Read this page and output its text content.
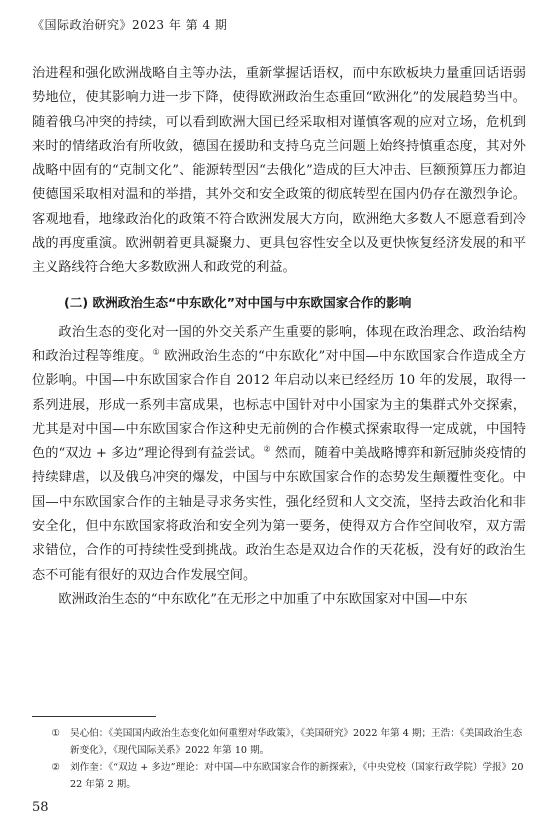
《国际政治研究》2023 年 第 4 期

治进程和强化欧洲战略自主等办法，重新掌握话语权，而中东欧板块力量重回话语弱势地位，使其影响力进一步下降，使得欧洲政治生态重回“欧洲化”的发展趋势当中。随着俄乌冲突的持续，可以看到欧洲大国已经采取相对谨慎客观的应对立场，危机到来时的情绪政治有所收敛，德国在援助和支持乌克兰问题上始终持慎重态度，其对外战略中固有的“克制文化”、能源转型因“去俄化”造成的巨大冲击、巨额预算压力都迫使德国采取相对温和的举措，其外交和安全政策的彻底转型在国内仍存在激烈争论。客观地看，地缘政治化的政策不符合欧洲发展大方向，欧洲绝大多数人不愿意看到冷战的再度重演。欧洲朝着更具凝聚力、更具包容性安全以及更快恢复经济发展的和平主义路线符合绝大多数欧洲人和政党的利益。

(二) 欧洲政治生态“中东欧化”对中国与中东欧国家合作的影响

政治生态的变化对一国的外交关系产生重要的影响，体现在政治理念、政治结构和政治过程等维度。① 欧洲政治生态的“中东欧化”对中国—中东欧国家合作造成全方位影响。中国—中东欧国家合作自 2012 年启动以来已经经历 10 年的发展，取得一系列进展，形成一系列丰富成果，也标志中国针对中小国家为主的集群式外交探索，尤其是对中国—中东欧国家合作这种史无前例的合作模式探索取得一定成就，中国特色的“双边 + 多边”理论得到有益尝试。② 然而，随着中美战略博弈和新冠肺炎疫情的持续肆虐，以及俄乌冲突的爆发，中国与中东欧国家合作的态势发生颠覆性变化。中国—中东欧国家合作的主轴是寻求务实性，强化经贸和人文交流，坚持去政治化和非安全化，但中东欧国家将政治和安全列为第一要务，使得双方合作空间收窄，双方需求错位，合作的可持续性受到挑战。政治生态是双边合作的天花板，没有好的政治生态不可能有很好的双边合作发展空间。

欧洲政治生态的“中东欧化”在无形之中加重了中东欧国家对中国—中东

①	吴心伯：《美国国内政治生态变化如何重塑对华政策》，《美国研究》2022 年第 4 期；王浩：《美国政治生态新变化》，《现代国际关系》2022 年第 10 期。

②	刘作奎：《“双边 + 多边”理论：对中国—中东欧国家合作的新探索》，《中央党校（国家行政学院）学报》2022 年第 2 期。

58
